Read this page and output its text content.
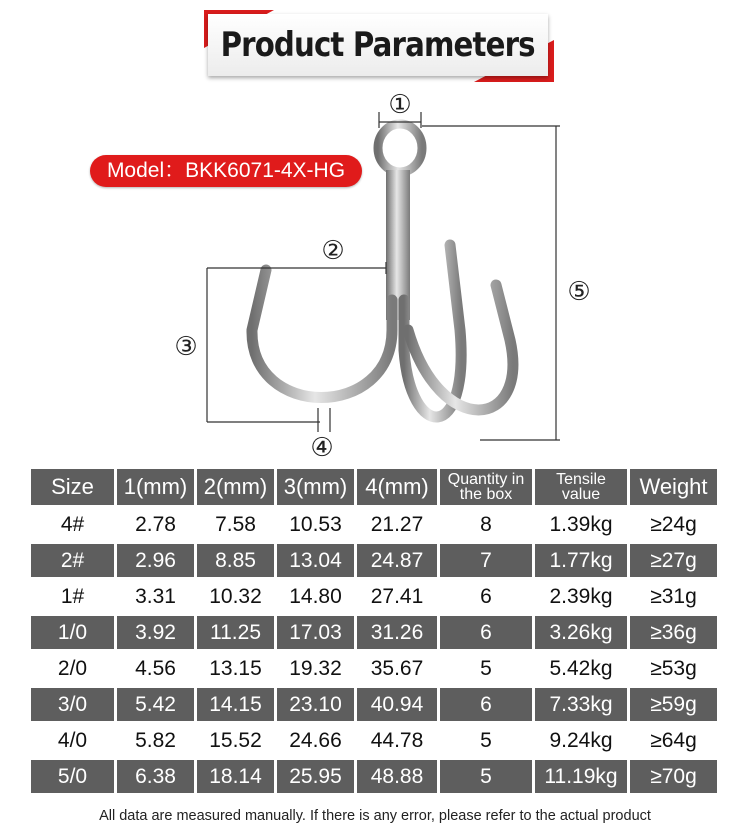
Product Parameters
Model：BKK6071-4X-HG
①
②
③
④
⑤
Size	1(mm)	2(mm)	3(mm)	4(mm)	Quantity in the box	Tensile value	Weight
4#	2.78	7.58	10.53	21.27	8	1.39kg	≥24g
2#	2.96	8.85	13.04	24.87	7	1.77kg	≥27g
1#	3.31	10.32	14.80	27.41	6	2.39kg	≥31g
1/0	3.92	11.25	17.03	31.26	6	3.26kg	≥36g
2/0	4.56	13.15	19.32	35.67	5	5.42kg	≥53g
3/0	5.42	14.15	23.10	40.94	6	7.33kg	≥59g
4/0	5.82	15.52	24.66	44.78	5	9.24kg	≥64g
5/0	6.38	18.14	25.95	48.88	5	11.19kg	≥70g
All data are measured manually. If there is any error, please refer to the actual product
